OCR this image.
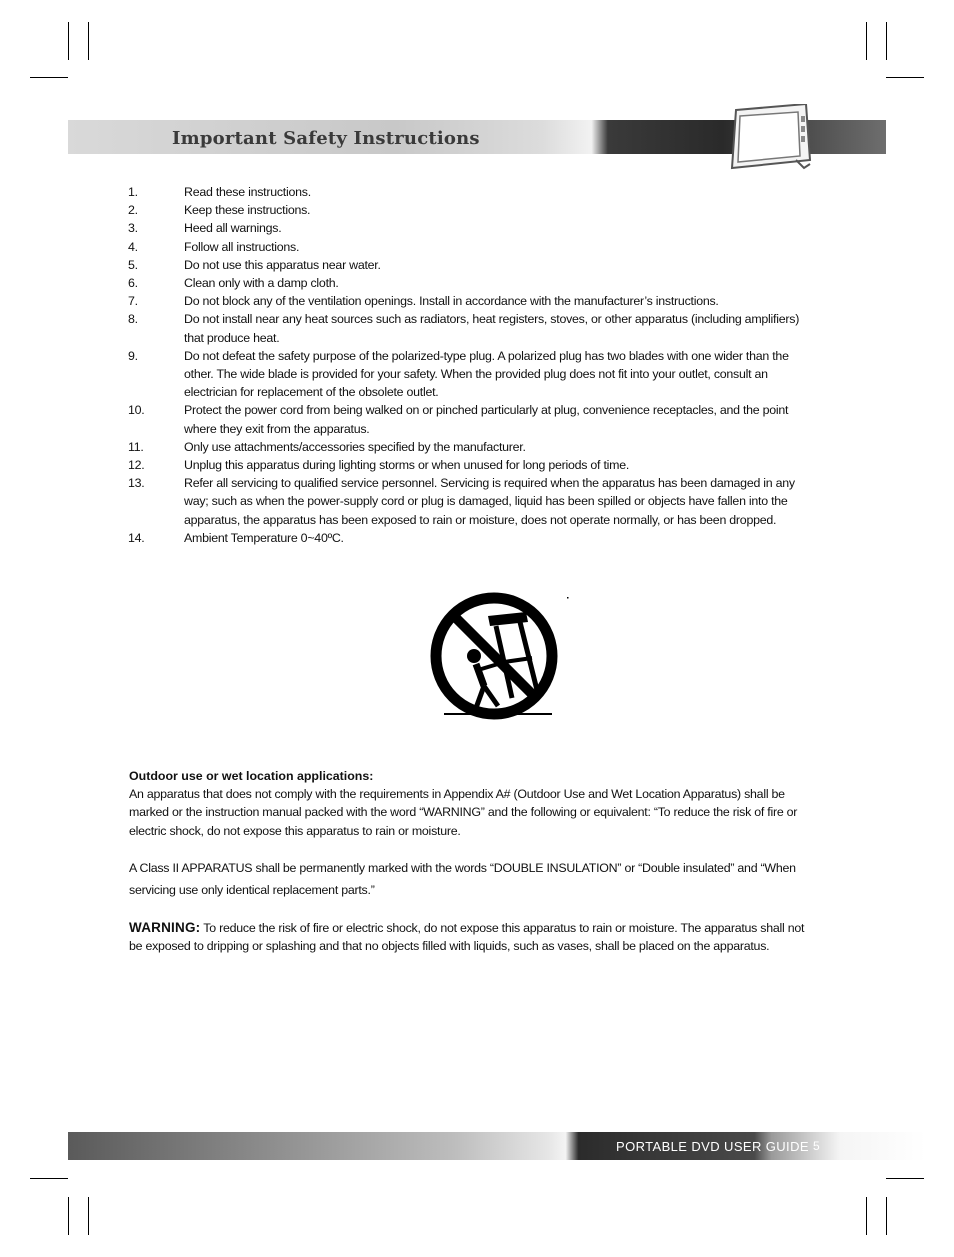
Important Safety Instructions
1.	Read these instructions.
2.	Keep these instructions.
3.	Heed all warnings.
4.	Follow all instructions.
5.	Do not use this apparatus near water.
6.	Clean only with a damp cloth.
7.	Do not block any of the ventilation openings. Install in accordance with the manufacturer’s instructions.
8.	Do not install near any heat sources such as radiators, heat registers, stoves, or other apparatus (including amplifiers) that produce heat.
9.	Do not defeat the safety purpose of the polarized-type plug. A polarized plug has two blades with one wider than the other. The wide blade is provided for your safety. When the provided plug does not fit into your outlet, consult an electrician for replacement of the obsolete outlet.
10.	Protect the power cord from being walked on or pinched particularly at plug, convenience receptacles, and the point where they exit from the apparatus.
11.	Only use attachments/accessories specified by the manufacturer.
12.	Unplug this apparatus during lighting storms or when unused for long periods of time.
13.	Refer all servicing to qualified service personnel. Servicing is required when the apparatus has been damaged in any way; such as when the power-supply cord or plug is damaged, liquid has been spilled or objects have fallen into the apparatus, the apparatus has been exposed to rain or moisture, does not operate normally, or has been dropped.
14.	Ambient Temperature 0~40ºC.
Outdoor use or wet location applications:
An apparatus that does not comply with the requirements in Appendix A# (Outdoor Use and Wet Location Apparatus) shall be marked or the instruction manual packed with the word “WARNING” and the following or equivalent: “To reduce the risk of fire or electric shock, do not expose this apparatus to rain or moisture.
A Class II APPARATUS shall be permanently marked with the words “DOUBLE INSULATION” or “Double insulated” and “When servicing use only identical replacement parts.”
WARNING: To reduce the risk of fire or electric shock, do not expose this apparatus to rain or moisture. The apparatus shall not be exposed to dripping or splashing and that no objects filled with liquids, such as vases, shall be placed on the apparatus.
PORTABLE DVD USER GUIDE 5
